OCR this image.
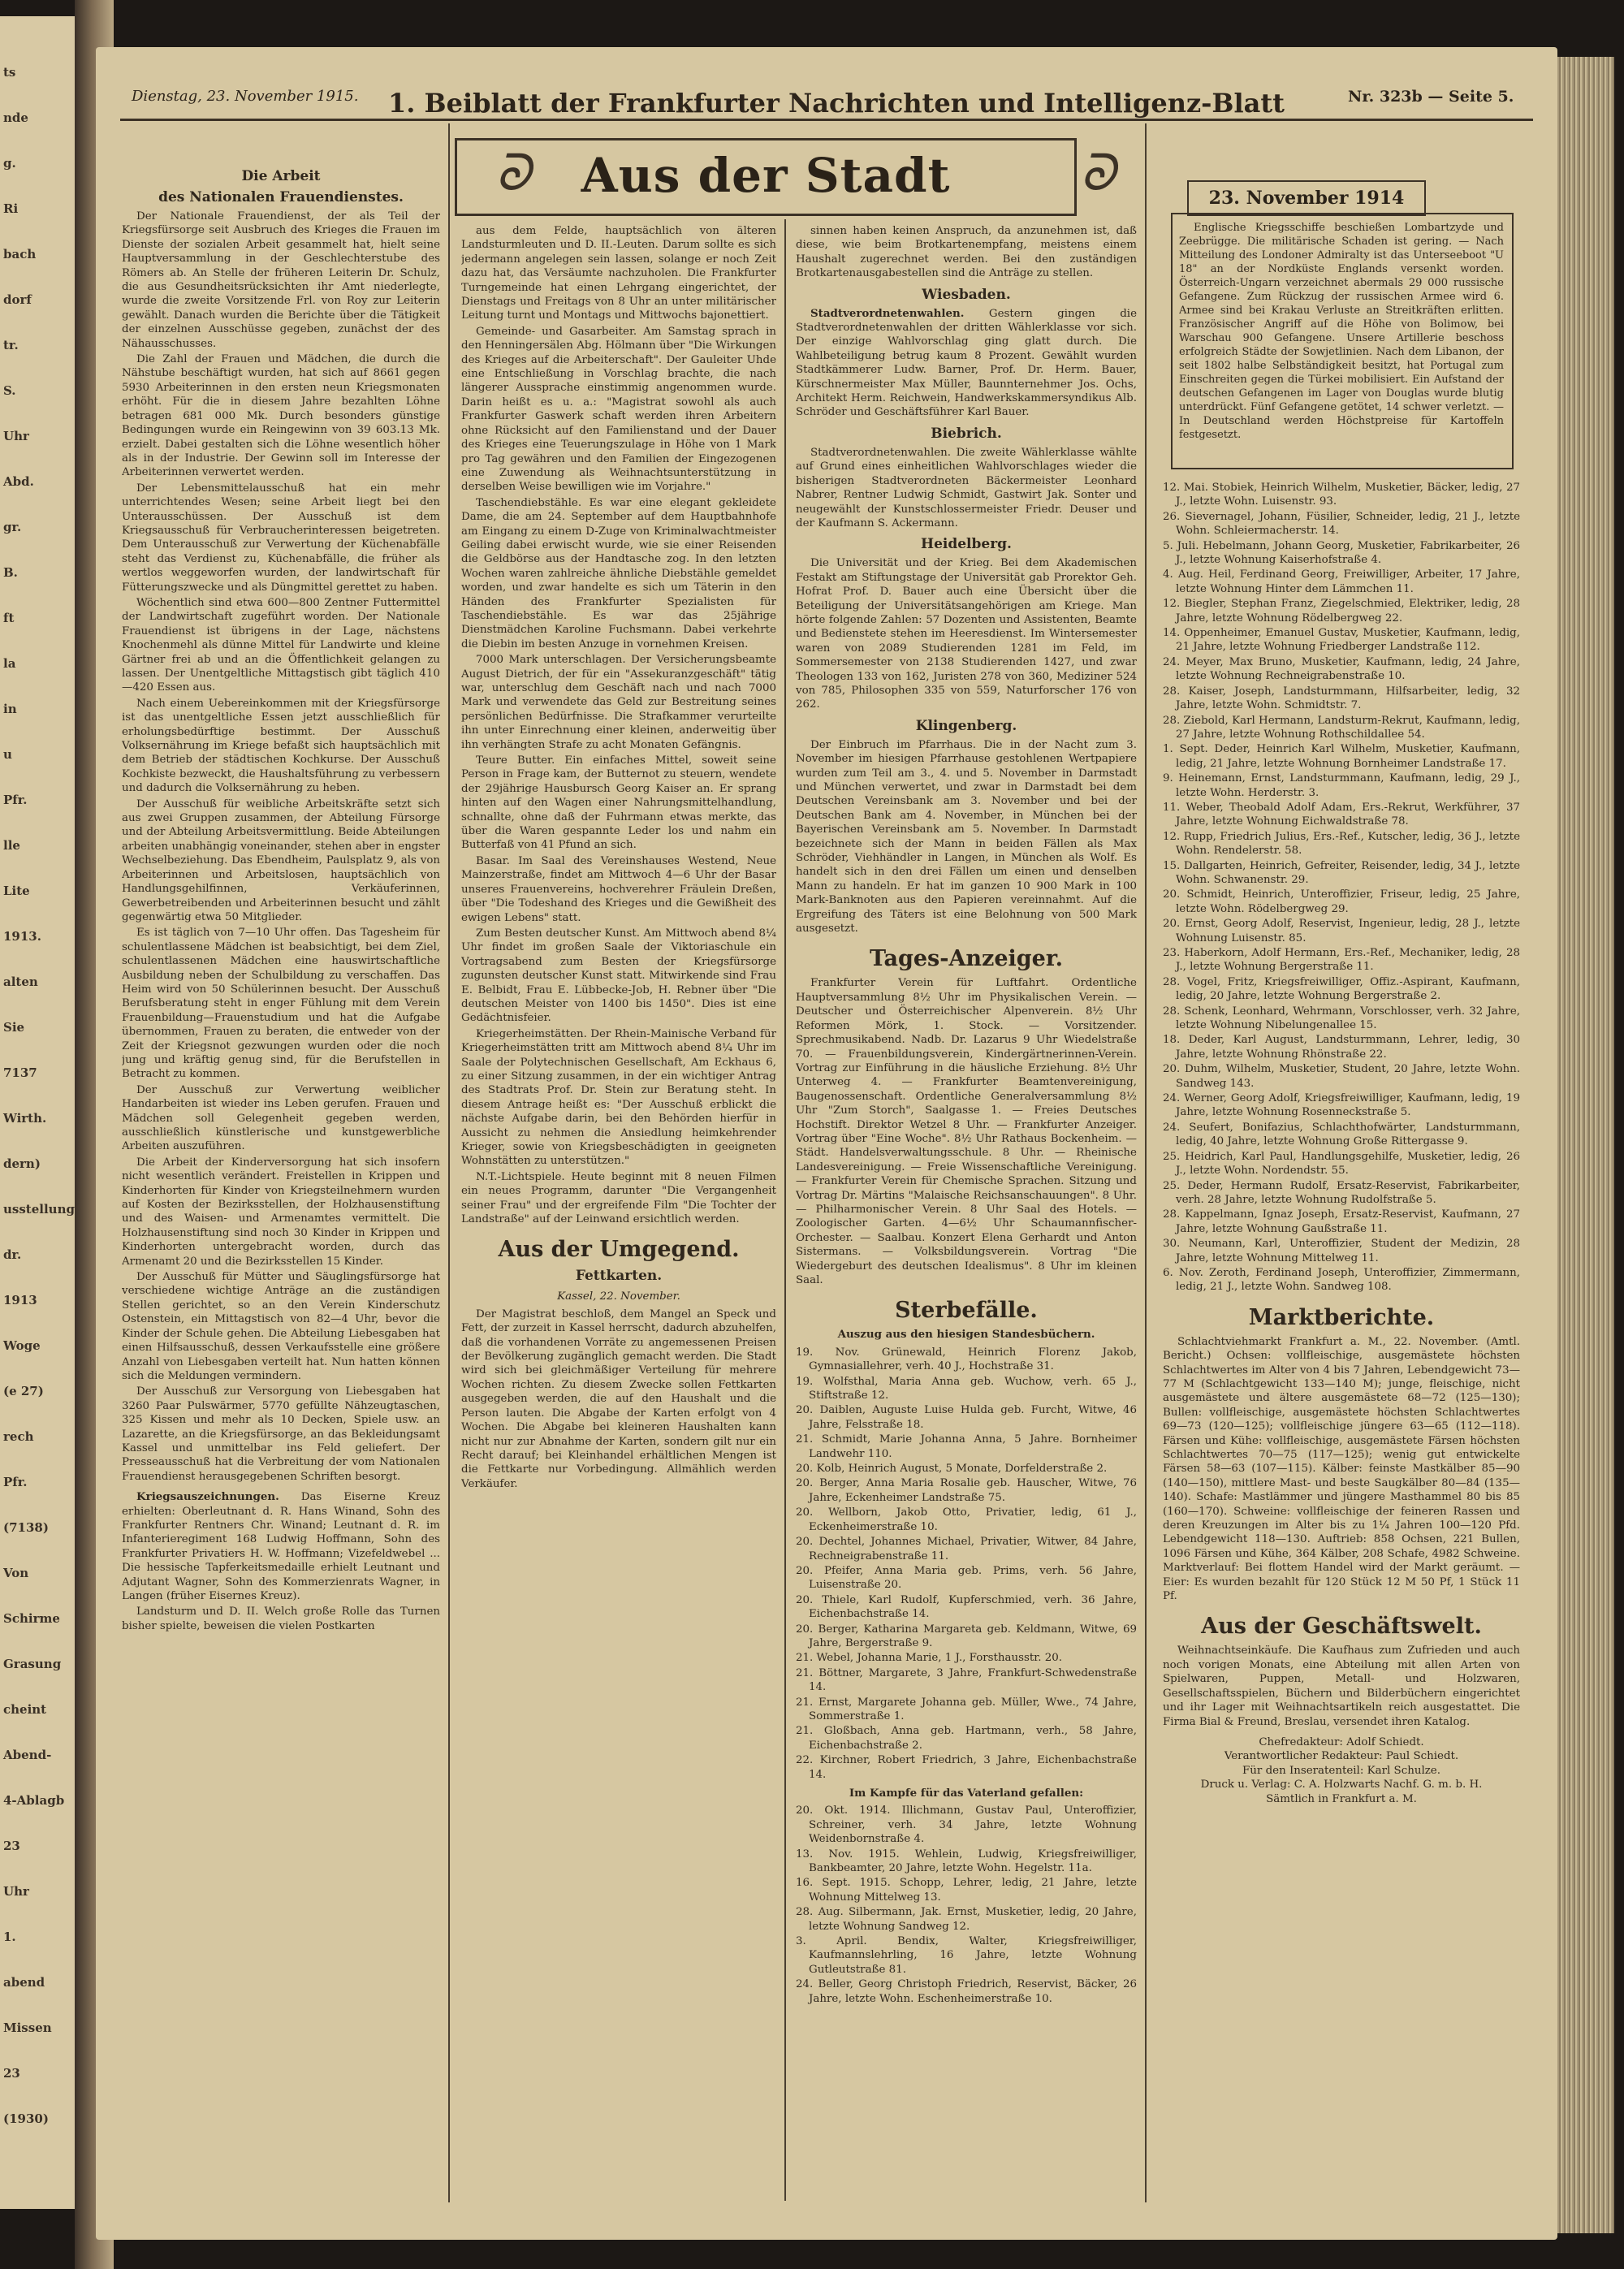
ts
nde
g.
Ri
bach
dorf
tr.
S.
Uhr
Abd.
gr.
B.
ft
la
in
u
Pfr.
lle
Lite
1913.
alten
Sie
7137
Wirth.
dern)
usstellung
dr.
1913
Woge
(e 27)
rech
Pfr.
(7138)
Von
Schirme
Grasung
cheint
Abend-
4-Ablagb
23
Uhr
1.
abend
Missen
23
(1930)
Dienstag, 23. November 1915. 1. Beiblatt der Frankfurter Nachrichten und Intelligenz-Blatt	Nr. 323b — Seite 5.
ᘐ	Aus der Stadt	ᘐ	23. November 1914
Die Arbeit
des Nationalen Frauendienstes.

Der Nationale Frauendienst, der als Teil der Kriegsfürsorge seit Ausbruch des Krieges die Frauen im Dienste der sozialen Arbeit gesammelt hat, hielt seine Hauptversammlung in der Geschlechterstube des Römers ab. An Stelle der früheren Leiterin Dr. Schulz, die aus Gesundheitsrücksichten ihr Amt niederlegte, wurde die zweite Vorsitzende Frl. von Roy zur Leiterin gewählt. Danach wurden die Berichte über die Tätigkeit der einzelnen Ausschüsse gegeben, zunächst der des Nähausschusses.

Die Zahl der Frauen und Mädchen, die durch die Nähstube beschäftigt wurden, hat sich auf 8661 gegen 5930 Arbeiterinnen in den ersten neun Kriegsmonaten erhöht. Für die in diesem Jahre bezahlten Löhne betragen 681 000 Mk. Durch besonders günstige Bedingungen wurde ein Reingewinn von 39 603.13 Mk. erzielt. Dabei gestalten sich die Löhne wesentlich höher als in der Industrie. Der Gewinn soll im Interesse der Arbeiterinnen verwertet werden.

Der Lebensmittelausschuß hat ein mehr unterrichtendes Wesen; seine Arbeit liegt bei den Unterausschüssen. Der Ausschuß ist dem Kriegsausschuß für Verbraucherinteressen beigetreten. Dem Unterausschuß zur Verwertung der Küchenabfälle steht das Verdienst zu, Küchenabfälle, die früher als wertlos weggeworfen wurden, der landwirtschaft für Fütterungszwecke und als Düngmittel gerettet zu haben.

Wöchentlich sind etwa 600—800 Zentner Futtermittel der Landwirtschaft zugeführt worden. Der Nationale Frauendienst ist übrigens in der Lage, nächstens Knochenmehl als dünne Mittel für Landwirte und kleine Gärtner frei ab und an die Öffentlichkeit gelangen zu lassen. Der Unentgeltliche Mittagstisch gibt täglich 410—420 Essen aus.

Nach einem Uebereinkommen mit der Kriegsfürsorge ist das unentgeltliche Essen jetzt ausschließlich für erholungsbedürftige bestimmt. Der Ausschuß Volksernährung im Kriege befaßt sich hauptsächlich mit dem Betrieb der städtischen Kochkurse. Der Ausschuß Kochkiste bezweckt, die Haushaltsführung zu verbessern und dadurch die Volksernährung zu heben.

Der Ausschuß für weibliche Arbeitskräfte setzt sich aus zwei Gruppen zusammen, der Abteilung Fürsorge und der Abteilung Arbeitsvermittlung. Beide Abteilungen arbeiten unabhängig voneinander, stehen aber in engster Wechselbeziehung. Das Ebendheim, Paulsplatz 9, als von Arbeiterinnen und Arbeitslosen, hauptsächlich von Handlungsgehilfinnen, Verkäuferinnen, Gewerbetreibenden und Arbeiterinnen besucht und zählt gegenwärtig etwa 50 Mitglieder.

Es ist täglich von 7—10 Uhr offen. Das Tagesheim für schulentlassene Mädchen ist beabsichtigt, bei dem Ziel, schulentlassenen Mädchen eine hauswirtschaftliche Ausbildung neben der Schulbildung zu verschaffen. Das Heim wird von 50 Schülerinnen besucht. Der Ausschuß Berufsberatung steht in enger Fühlung mit dem Verein Frauenbildung—Frauenstudium und hat die Aufgabe übernommen, Frauen zu beraten, die entweder von der Zeit der Kriegsnot gezwungen wurden oder die noch jung und kräftig genug sind, für die Berufstellen in Betracht zu kommen.

Der Ausschuß zur Verwertung weiblicher Handarbeiten ist wieder ins Leben gerufen. Frauen und Mädchen soll Gelegenheit gegeben werden, ausschließlich künstlerische und kunstgewerbliche Arbeiten auszuführen.

Die Arbeit der Kinderversorgung hat sich insofern nicht wesentlich verändert. Freistellen in Krippen und Kinderhorten für Kinder von Kriegsteilnehmern wurden auf Kosten der Bezirksstellen, der Holzhausenstiftung und des Waisen- und Armenamtes vermittelt. Die Holzhausenstiftung sind noch 30 Kinder in Krippen und Kinderhorten untergebracht worden, durch das Armenamt 20 und die Bezirksstellen 15 Kinder.

Der Ausschuß für Mütter und Säuglingsfürsorge hat verschiedene wichtige Anträge an die zuständigen Stellen gerichtet, so an den Verein Kinderschutz Ostenstein, ein Mittagstisch von 82—4 Uhr, bevor die Kinder der Schule gehen. Die Abteilung Liebesgaben hat einen Hilfsausschuß, dessen Verkaufsstelle eine größere Anzahl von Liebesgaben verteilt hat. Nun hatten können sich die Meldungen vermindern.

Der Ausschuß zur Versorgung von Liebesgaben hat 3260 Paar Pulswärmer, 5770 gefüllte Nähzeugtaschen, 325 Kissen und mehr als 10 Decken, Spiele usw. an Lazarette, an die Kriegsfürsorge, an das Bekleidungsamt Kassel und unmittelbar ins Feld geliefert. Der Presseausschuß hat die Verbreitung der vom Nationalen Frauendienst herausgegebenen Schriften besorgt.

Kriegsauszeichnungen. Das Eiserne Kreuz erhielten: Oberleutnant d. R. Hans Winand, Sohn des Frankfurter Rentners Chr. Winand; Leutnant d. R. im Infanterieregiment 168 Ludwig Hoffmann, Sohn des Frankfurter Privatiers H. W. Hoffmann; Vizefeldwebel ... Die hessische Tapferkeitsmedaille erhielt Leutnant und Adjutant Wagner, Sohn des Kommerzienrats Wagner, in Langen (früher Eisernes Kreuz).

Landsturm und D. II. Welch große Rolle das Turnen bisher spielte, beweisen die vielen Postkarten

aus dem Felde, hauptsächlich von älteren Landsturmleuten und D. II.-Leuten. Darum sollte es sich jedermann angelegen sein lassen, solange er noch Zeit dazu hat, das Versäumte nachzuholen. Die Frankfurter Turngemeinde hat einen Lehrgang eingerichtet, der Dienstags und Freitags von 8 Uhr an unter militärischer Leitung turnt und Montags und Mittwochs bajonettiert.

Gemeinde- und Gasarbeiter. Am Samstag sprach in den Henningersälen Abg. Hölmann über "Die Wirkungen des Krieges auf die Arbeiterschaft". Der Gauleiter Uhde eine Entschließung in Vorschlag brachte, die nach längerer Aussprache einstimmig angenommen wurde. Darin heißt es u. a.: "Magistrat sowohl als auch Frankfurter Gaswerk schaft werden ihren Arbeitern ohne Rücksicht auf den Familienstand und der Dauer des Krieges eine Teuerungszulage in Höhe von 1 Mark pro Tag gewähren und den Familien der Eingezogenen eine Zuwendung als Weihnachtsunterstützung in derselben Weise bewilligen wie im Vorjahre."

Taschendiebstähle. Es war eine elegant gekleidete Dame, die am 24. September auf dem Hauptbahnhofe am Eingang zu einem D-Zuge von Kriminalwachtmeister Geiling dabei erwischt wurde, wie sie einer Reisenden die Geldbörse aus der Handtasche zog. In den letzten Wochen waren zahlreiche ähnliche Diebstähle gemeldet worden, und zwar handelte es sich um Täterin in den Händen des Frankfurter Spezialisten für Taschendiebstähle. Es war das 25jährige Dienstmädchen Karoline Fuchsmann. Dabei verkehrte die Diebin im besten Anzuge in vornehmen Kreisen.

7000 Mark unterschlagen. Der Versicherungsbeamte August Dietrich, der für ein "Assekuranzgeschäft" tätig war, unterschlug dem Geschäft nach und nach 7000 Mark und verwendete das Geld zur Bestreitung seines persönlichen Bedürfnisse. Die Strafkammer verurteilte ihn unter Einrechnung einer kleinen, anderweitig über ihn verhängten Strafe zu acht Monaten Gefängnis.

Teure Butter. Ein einfaches Mittel, soweit seine Person in Frage kam, der Butternot zu steuern, wendete der 29jährige Hausbursch Georg Kaiser an. Er sprang hinten auf den Wagen einer Nahrungsmittelhandlung, schnallte, ohne daß der Fuhrmann etwas merkte, das über die Waren gespannte Leder los und nahm ein Butterfaß von 41 Pfund an sich.

Basar. Im Saal des Vereinshauses Westend, Neue Mainzerstraße, findet am Mittwoch 4—6 Uhr der Basar unseres Frauenvereins, hochverehrer Fräulein Dreßen, über "Die Todeshand des Krieges und die Gewißheit des ewigen Lebens" statt.

Zum Besten deutscher Kunst. Am Mittwoch abend 8¼ Uhr findet im großen Saale der Viktoriaschule ein Vortragsabend zum Besten der Kriegsfürsorge zugunsten deutscher Kunst statt. Mitwirkende sind Frau E. Belbidt, Frau E. Lübbecke-Job, H. Rebner über "Die deutschen Meister von 1400 bis 1450". Dies ist eine Gedächtnisfeier.

Kriegerheimstätten. Der Rhein-Mainische Verband für Kriegerheimstätten tritt am Mittwoch abend 8¼ Uhr im Saale der Polytechnischen Gesellschaft, Am Eckhaus 6, zu einer Sitzung zusammen, in der ein wichtiger Antrag des Stadtrats Prof. Dr. Stein zur Beratung steht. In diesem Antrage heißt es: "Der Ausschuß erblickt die nächste Aufgabe darin, bei den Behörden hierfür in Aussicht zu nehmen die Ansiedlung heimkehrender Krieger, sowie von Kriegsbeschädigten in geeigneten Wohnstätten zu unterstützen."

N.T.-Lichtspiele. Heute beginnt mit 8 neuen Filmen ein neues Programm, darunter "Die Vergangenheit seiner Frau" und der ergreifende Film "Die Tochter der Landstraße" auf der Leinwand ersichtlich werden.

Aus der Umgegend.
Fettkarten.
Kassel, 22. November.

Der Magistrat beschloß, dem Mangel an Speck und Fett, der zurzeit in Kassel herrscht, dadurch abzuhelfen, daß die vorhandenen Vorräte zu angemessenen Preisen der Bevölkerung zugänglich gemacht werden. Die Stadt wird sich bei gleichmäßiger Verteilung für mehrere Wochen richten. Zu diesem Zwecke sollen Fettkarten ausgegeben werden, die auf den Haushalt und die Person lauten. Die Abgabe der Karten erfolgt von 4 Wochen. Die Abgabe bei kleineren Haushalten kann nicht nur zur Abnahme der Karten, sondern gilt nur ein Recht darauf; bei Kleinhandel erhältlichen Mengen ist die Fettkarte nur Vorbedingung. Allmählich werden Verkäufer.

sinnen haben keinen Anspruch, da anzunehmen ist, daß diese, wie beim Brotkartenempfang, meistens einem Haushalt zugerechnet werden. Bei den zuständigen Brotkartenausgabestellen sind die Anträge zu stellen.

Wiesbaden.

Stadtverordnetenwahlen. Gestern gingen die Stadtverordnetenwahlen der dritten Wählerklasse vor sich. Der einzige Wahlvorschlag ging glatt durch. Die Wahlbeteiligung betrug kaum 8 Prozent. Gewählt wurden Stadtkämmerer Ludw. Barner, Prof. Dr. Herm. Bauer, Kürschnermeister Max Müller, Baunnternehmer Jos. Ochs, Architekt Herm. Reichwein, Handwerkskammersyndikus Alb. Schröder und Geschäftsführer Karl Bauer.

Biebrich.

Stadtverordnetenwahlen. Die zweite Wählerklasse wählte auf Grund eines einheitlichen Wahlvorschlages wieder die bisherigen Stadtverordneten Bäckermeister Leonhard Nabrer, Rentner Ludwig Schmidt, Gastwirt Jak. Sonter und neugewählt der Kunstschlossermeister Friedr. Deuser und der Kaufmann S. Ackermann.

Heidelberg.

Die Universität und der Krieg. Bei dem Akademischen Festakt am Stiftungstage der Universität gab Prorektor Geh. Hofrat Prof. D. Bauer auch eine Übersicht über die Beteiligung der Universitätsangehörigen am Kriege. Man hörte folgende Zahlen: 57 Dozenten und Assistenten, Beamte und Bedienstete stehen im Heeresdienst. Im Wintersemester waren von 2089 Studierenden 1281 im Feld, im Sommersemester von 2138 Studierenden 1427, und zwar Theologen 133 von 162, Juristen 278 von 360, Mediziner 524 von 785, Philosophen 335 von 559, Naturforscher 176 von 262.

Klingenberg.

Der Einbruch im Pfarrhaus. Die in der Nacht zum 3. November im hiesigen Pfarrhause gestohlenen Wertpapiere wurden zum Teil am 3., 4. und 5. November in Darmstadt und München verwertet, und zwar in Darmstadt bei dem Deutschen Vereinsbank am 3. November und bei der Deutschen Bank am 4. November, in München bei der Bayerischen Vereinsbank am 5. November. In Darmstadt bezeichnete sich der Mann in beiden Fällen als Max Schröder, Viehhändler in Langen, in München als Wolf. Es handelt sich in den drei Fällen um einen und denselben Mann zu handeln. Er hat im ganzen 10 900 Mark in 100 Mark-Banknoten aus den Papieren vereinnahmt. Auf die Ergreifung des Täters ist eine Belohnung von 500 Mark ausgesetzt.

Tages-Anzeiger.

Frankfurter Verein für Luftfahrt. Ordentliche Hauptversammlung 8½ Uhr im Physikalischen Verein. — Deutscher und Österreichischer Alpenverein. 8½ Uhr Reformen Mörk, 1. Stock. — Vorsitzender. Sprechmusikabend. Nadb. Dr. Lazarus 9 Uhr Wiedelstraße 70. — Frauenbildungsverein, Kindergärtnerinnen-Verein. Vortrag zur Einführung in die häusliche Erziehung. 8½ Uhr Unterweg 4. — Frankfurter Beamtenvereinigung, Baugenossenschaft. Ordentliche Generalversammlung 8½ Uhr "Zum Storch", Saalgasse 1. — Freies Deutsches Hochstift. Direktor Wetzel 8 Uhr. — Frankfurter Anzeiger. Vortrag über "Eine Woche". 8½ Uhr Rathaus Bockenheim. — Städt. Handelsverwaltungsschule. 8 Uhr. — Rheinische Landesvereinigung. — Freie Wissenschaftliche Vereinigung. — Frankfurter Verein für Chemische Sprachen. Sitzung und Vortrag Dr. Märtins "Malaische Reichsanschauungen". 8 Uhr. — Philharmonischer Verein. 8 Uhr Saal des Hotels. — Zoologischer Garten. 4—6½ Uhr Schaumannfischer-Orchester. — Saalbau. Konzert Elena Gerhardt und Anton Sistermans. — Volksbildungsverein. Vortrag "Die Wiedergeburt des deutschen Idealismus". 8 Uhr im kleinen Saal.

Sterbefälle.
Auszug aus den hiesigen Standesbüchern.
19. Nov. Grünewald, Heinrich Florenz Jakob, Gymnasiallehrer, verh. 40 J., Hochstraße 31.
19. Wolfsthal, Maria Anna geb. Wuchow, verh. 65 J., Stiftstraße 12.
20. Daiblen, Auguste Luise Hulda geb. Furcht, Witwe, 46 Jahre, Felsstraße 18.
21. Schmidt, Marie Johanna Anna, 5 Jahre. Bornheimer Landwehr 110.
20. Kolb, Heinrich August, 5 Monate, Dorfelderstraße 2.
20. Berger, Anna Maria Rosalie geb. Hauscher, Witwe, 76 Jahre, Eckenheimer Landstraße 75.
20. Wellborn, Jakob Otto, Privatier, ledig, 61 J., Eckenheimerstraße 10.
20. Dechtel, Johannes Michael, Privatier, Witwer, 84 Jahre, Rechneigrabenstraße 11.
20. Pfeifer, Anna Maria geb. Prims, verh. 56 Jahre, Luisenstraße 20.
20. Thiele, Karl Rudolf, Kupferschmied, verh. 36 Jahre, Eichenbachstraße 14.
20. Berger, Katharina Margareta geb. Keldmann, Witwe, 69 Jahre, Bergerstraße 9.
21. Webel, Johanna Marie, 1 J., Forsthausstr. 20.
21. Böttner, Margarete, 3 Jahre, Frankfurt-Schwedenstraße 14.
21. Ernst, Margarete Johanna geb. Müller, Wwe., 74 Jahre, Sommerstraße 1.
21. Gloßbach, Anna geb. Hartmann, verh., 58 Jahre, Eichenbachstraße 2.
22. Kirchner, Robert Friedrich, 3 Jahre, Eichenbachstraße 14.
Im Kampfe für das Vaterland gefallen:
20. Okt. 1914. Illichmann, Gustav Paul, Unteroffizier, Schreiner, verh. 34 Jahre, letzte Wohnung Weidenbornstraße 4.
13. Nov. 1915. Wehlein, Ludwig, Kriegsfreiwilliger, Bankbeamter, 20 Jahre, letzte Wohn. Hegelstr. 11a.
16. Sept. 1915. Schopp, Lehrer, ledig, 21 Jahre, letzte Wohnung Mittelweg 13.
28. Aug. Silbermann, Jak. Ernst, Musketier, ledig, 20 Jahre, letzte Wohnung Sandweg 12.
3. April. Bendix, Walter, Kriegsfreiwilliger, Kaufmannslehrling, 16 Jahre, letzte Wohnung Gutleutstraße 81.
24. Beller, Georg Christoph Friedrich, Reservist, Bäcker, 26 Jahre, letzte Wohn. Eschenheimerstraße 10.

Englische Kriegsschiffe beschießen Lombartzyde und Zeebrügge. Die militärische Schaden ist gering. — Nach Mitteilung des Londoner Admiralty ist das Unterseeboot "U 18" an der Nordküste Englands versenkt worden. Österreich-Ungarn verzeichnet abermals 29 000 russische Gefangene. Zum Rückzug der russischen Armee wird 6. Armee sind bei Krakau Verluste an Streitkräften erlitten. Französischer Angriff auf die Höhe von Bolimow, bei Warschau 900 Gefangene. Unsere Artillerie beschoss erfolgreich Städte der Sowjetlinien. Nach dem Libanon, der seit 1802 halbe Selbständigkeit besitzt, hat Portugal zum Einschreiten gegen die Türkei mobilisiert. Ein Aufstand der deutschen Gefangenen im Lager von Douglas wurde blutig unterdrückt. Fünf Gefangene getötet, 14 schwer verletzt. — In Deutschland werden Höchstpreise für Kartoffeln festgesetzt.

12. Mai. Stobiek, Heinrich Wilhelm, Musketier, Bäcker, ledig, 27 J., letzte Wohn. Luisenstr. 93.
26. Sievernagel, Johann, Füsilier, Schneider, ledig, 21 J., letzte Wohn. Schleiermacherstr. 14.
5. Juli. Hebelmann, Johann Georg, Musketier, Fabrikarbeiter, 26 J., letzte Wohnung Kaiserhofstraße 4.
4. Aug. Heil, Ferdinand Georg, Freiwilliger, Arbeiter, 17 Jahre, letzte Wohnung Hinter dem Lämmchen 11.
12. Biegler, Stephan Franz, Ziegelschmied, Elektriker, ledig, 28 Jahre, letzte Wohnung Rödelbergweg 22.
14. Oppenheimer, Emanuel Gustav, Musketier, Kaufmann, ledig, 21 Jahre, letzte Wohnung Friedberger Landstraße 112.
24. Meyer, Max Bruno, Musketier, Kaufmann, ledig, 24 Jahre, letzte Wohnung Rechneigrabenstraße 10.
28. Kaiser, Joseph, Landsturmmann, Hilfsarbeiter, ledig, 32 Jahre, letzte Wohn. Schmidtstr. 7.
28. Ziebold, Karl Hermann, Landsturm-Rekrut, Kaufmann, ledig, 27 Jahre, letzte Wohnung Rothschildallee 54.
1. Sept. Deder, Heinrich Karl Wilhelm, Musketier, Kaufmann, ledig, 21 Jahre, letzte Wohnung Bornheimer Landstraße 17.
9. Heinemann, Ernst, Landsturmmann, Kaufmann, ledig, 29 J., letzte Wohn. Herderstr. 3.
11. Weber, Theobald Adolf Adam, Ers.-Rekrut, Werkführer, 37 Jahre, letzte Wohnung Eichwaldstraße 78.
12. Rupp, Friedrich Julius, Ers.-Ref., Kutscher, ledig, 36 J., letzte Wohn. Rendelerstr. 58.
15. Dallgarten, Heinrich, Gefreiter, Reisender, ledig, 34 J., letzte Wohn. Schwanenstr. 29.
20. Schmidt, Heinrich, Unteroffizier, Friseur, ledig, 25 Jahre, letzte Wohn. Rödelbergweg 29.
20. Ernst, Georg Adolf, Reservist, Ingenieur, ledig, 28 J., letzte Wohnung Luisenstr. 85.
23. Haberkorn, Adolf Hermann, Ers.-Ref., Mechaniker, ledig, 28 J., letzte Wohnung Bergerstraße 11.
28. Vogel, Fritz, Kriegsfreiwilliger, Offiz.-Aspirant, Kaufmann, ledig, 20 Jahre, letzte Wohnung Bergerstraße 2.
28. Schenk, Leonhard, Wehrmann, Vorschlosser, verh. 32 Jahre, letzte Wohnung Nibelungenallee 15.
18. Deder, Karl August, Landsturmmann, Lehrer, ledig, 30 Jahre, letzte Wohnung Rhönstraße 22.
20. Duhm, Wilhelm, Musketier, Student, 20 Jahre, letzte Wohn. Sandweg 143.
24. Werner, Georg Adolf, Kriegsfreiwilliger, Kaufmann, ledig, 19 Jahre, letzte Wohnung Rosenneckstraße 5.
24. Seufert, Bonifazius, Schlachthofwärter, Landsturmmann, ledig, 40 Jahre, letzte Wohnung Große Rittergasse 9.
25. Heidrich, Karl Paul, Handlungsgehilfe, Musketier, ledig, 26 J., letzte Wohn. Nordendstr. 55.
25. Deder, Hermann Rudolf, Ersatz-Reservist, Fabrikarbeiter, verh. 28 Jahre, letzte Wohnung Rudolfstraße 5.
28. Kappelmann, Ignaz Joseph, Ersatz-Reservist, Kaufmann, 27 Jahre, letzte Wohnung Gaußstraße 11.
30. Neumann, Karl, Unteroffizier, Student der Medizin, 28 Jahre, letzte Wohnung Mittelweg 11.
6. Nov. Zeroth, Ferdinand Joseph, Unteroffizier, Zimmermann, ledig, 21 J., letzte Wohn. Sandweg 108.
Marktberichte.

Schlachtviehmarkt Frankfurt a. M., 22. November. (Amtl. Bericht.) Ochsen: vollfleischige, ausgemästete höchsten Schlachtwertes im Alter von 4 bis 7 Jahren, Lebendgewicht 73—77 M (Schlachtgewicht 133—140 M); junge, fleischige, nicht ausgemästete und ältere ausgemästete 68—72 (125—130); Bullen: vollfleischige, ausgemästete höchsten Schlachtwertes 69—73 (120—125); vollfleischige jüngere 63—65 (112—118). Färsen und Kühe: vollfleischige, ausgemästete Färsen höchsten Schlachtwertes 70—75 (117—125); wenig gut entwickelte Färsen 58—63 (107—115). Kälber: feinste Mastkälber 85—90 (140—150), mittlere Mast- und beste Saugkälber 80—84 (135—140). Schafe: Mastlämmer und jüngere Masthammel 80 bis 85 (160—170). Schweine: vollfleischige der feineren Rassen und deren Kreuzungen im Alter bis zu 1¼ Jahren 100—120 Pfd. Lebendgewicht 118—130. Auftrieb: 858 Ochsen, 221 Bullen, 1096 Färsen und Kühe, 364 Kälber, 208 Schafe, 4982 Schweine. Marktverlauf: Bei flottem Handel wird der Markt geräumt. — Eier: Es wurden bezahlt für 120 Stück 12 M 50 Pf, 1 Stück 11 Pf.

Aus der Geschäftswelt.

Weihnachtseinkäufe. Die Kaufhaus zum Zufrieden und auch noch vorigen Monats, eine Abteilung mit allen Arten von Spielwaren, Puppen, Metall- und Holzwaren, Gesellschaftsspielen, Büchern und Bilderbüchern eingerichtet und ihr Lager mit Weihnachtsartikeln reich ausgestattet. Die Firma Bial & Freund, Breslau, versendet ihren Katalog.

Chefredakteur: Adolf Schiedt.
Verantwortlicher Redakteur: Paul Schiedt.
Für den Inseratenteil: Karl Schulze.
Druck u. Verlag: C. A. Holzwarts Nachf. G. m. b. H.
Sämtlich in Frankfurt a. M.
